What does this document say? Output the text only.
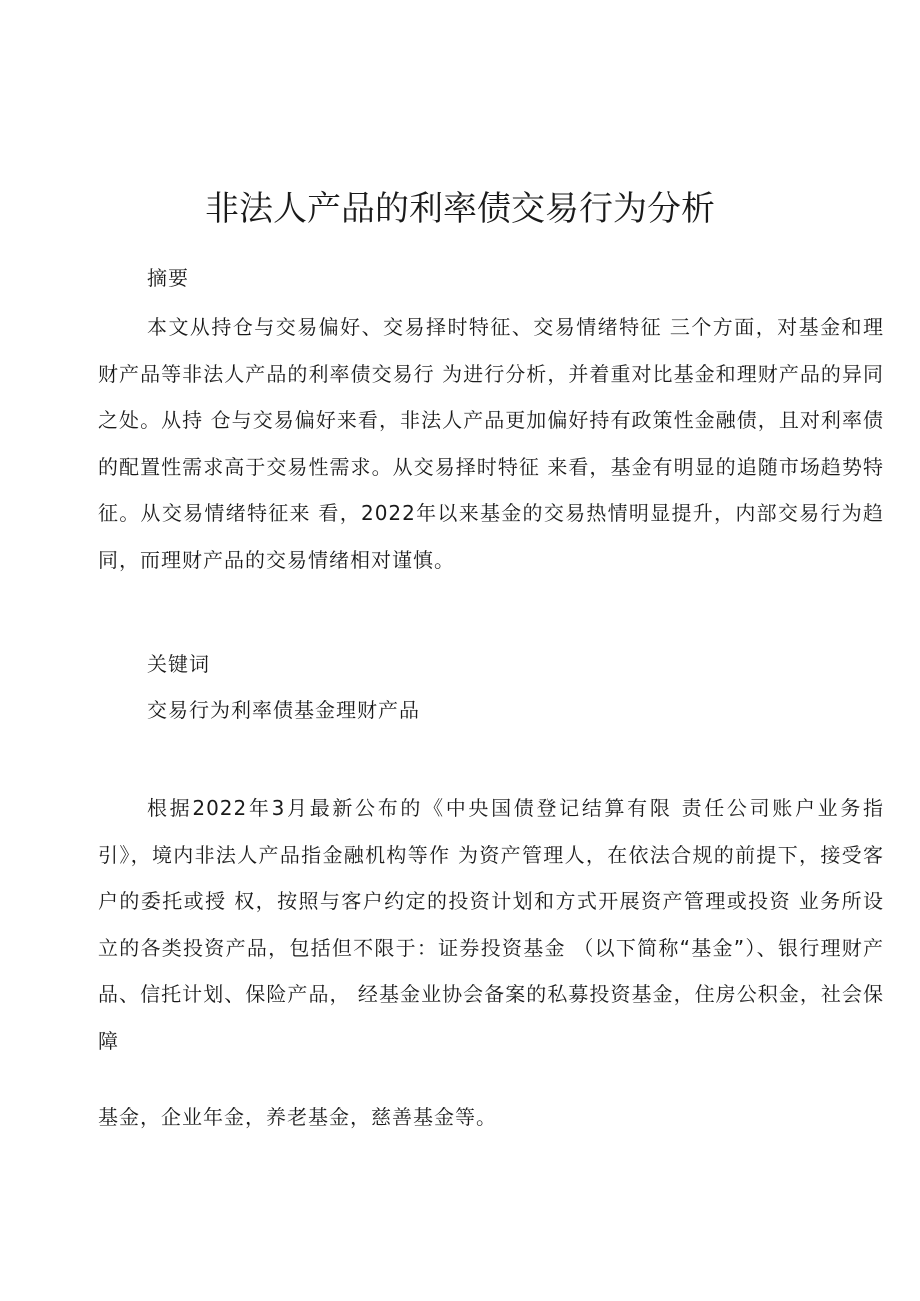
非法人产品的利率债交易行为分析
摘要

本文从持仓与交易偏好、交易择时特征、交易情绪特征 三个方面，对基金和理财产品等非法人产品的利率债交易行 为进行分析，并着重对比基金和理财产品的异同之处。从持 仓与交易偏好来看，非法人产品更加偏好持有政策性金融债，且对利率债的配置性需求高于交易性需求。从交易择时特征 来看，基金有明显的追随市场趋势特征。从交易情绪特征来 看，2022年以来基金的交易热情明显提升，内部交易行为趋 同，而理财产品的交易情绪相对谨慎。

关键词
交易行为利率债基金理财产品

根据2022年3月最新公布的《中央国债登记结算有限 责任公司账户业务指引》，境内非法人产品指金融机构等作 为资产管理人，在依法合规的前提下，接受客户的委托或授 权，按照与客户约定的投资计划和方式开展资产管理或投资 业务所设立的各类投资产品，包括但不限于：证券投资基金 （以下简称“基金”）、银行理财产品、信托计划、保险产品， 经基金业协会备案的私募投资基金，住房公积金，社会保障

基金，企业年金，养老基金，慈善基金等。
